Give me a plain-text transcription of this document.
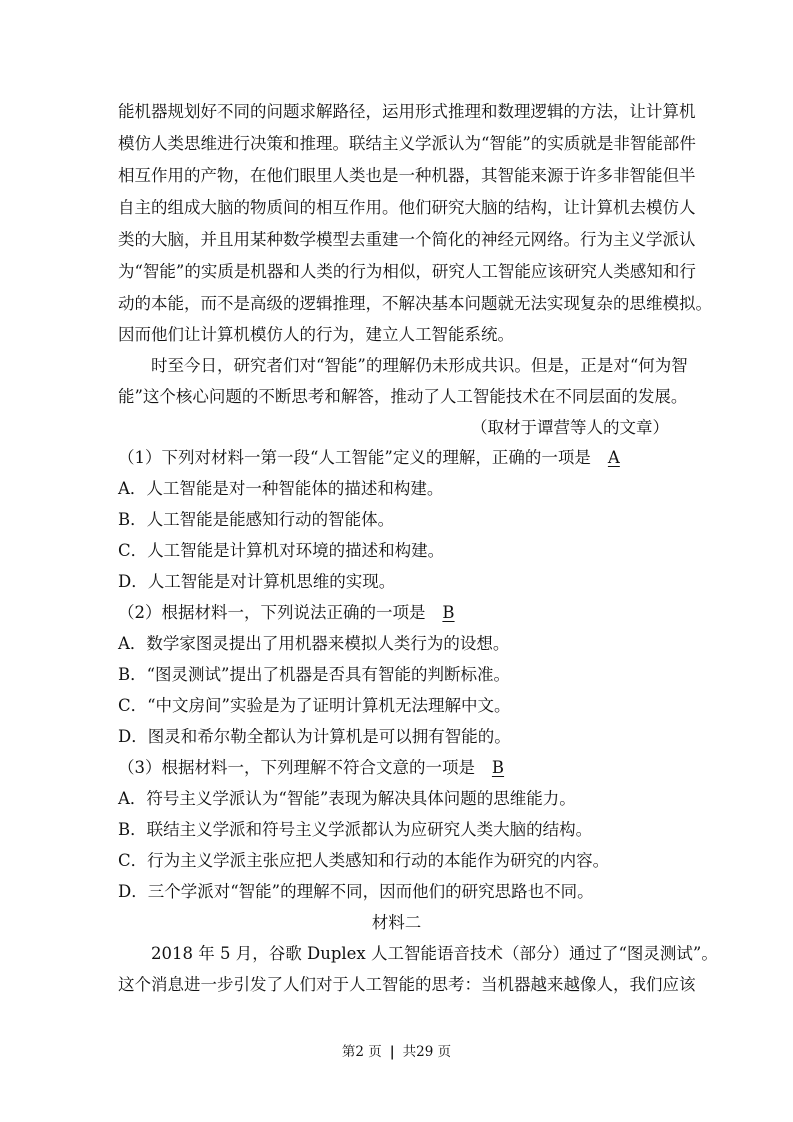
能机器规划好不同的问题求解路径，运用形式推理和数理逻辑的方法，让计算机
模仿人类思维进行决策和推理。联结主义学派认为“智能”的实质就是非智能部件
相互作用的产物，在他们眼里人类也是一种机器，其智能来源于许多非智能但半
自主的组成大脑的物质间的相互作用。他们研究大脑的结构，让计算机去模仿人
类的大脑，并且用某种数学模型去重建一个简化的神经元网络。行为主义学派认
为“智能”的实质是机器和人类的行为相似，研究人工智能应该研究人类感知和行
动的本能，而不是高级的逻辑推理，不解决基本问题就无法实现复杂的思维模拟。
因而他们让计算机模仿人的行为，建立人工智能系统。
时至今日，研究者们对“智能”的理解仍未形成共识。但是，正是对“何为智
能”这个核心问题的不断思考和解答，推动了人工智能技术在不同层面的发展。
（取材于谭营等人的文章）
（1）下列对材料一第一段“人工智能”定义的理解，正确的一项是 A
A．人工智能是对一种智能体的描述和构建。
B．人工智能是能感知行动的智能体。
C．人工智能是计算机对环境的描述和构建。
D．人工智能是对计算机思维的实现。
（2）根据材料一，下列说法正确的一项是 B
A．数学家图灵提出了用机器来模拟人类行为的设想。
B．“图灵测试”提出了机器是否具有智能的判断标准。
C．“中文房间”实验是为了证明计算机无法理解中文。
D．图灵和希尔勒全都认为计算机是可以拥有智能的。
（3）根据材料一，下列理解不符合文意的一项是 B
A．符号主义学派认为“智能”表现为解决具体问题的思维能力。
B．联结主义学派和符号主义学派都认为应研究人类大脑的结构。
C．行为主义学派主张应把人类感知和行动的本能作为研究的内容。
D．三个学派对“智能”的理解不同，因而他们的研究思路也不同。
材料二
2018 年 5 月，谷歌 Duplex 人工智能语音技术（部分）通过了“图灵测试”。
这个消息进一步引发了人们对于人工智能的思考：当机器越来越像人，我们应该
第2 页 | 共29 页
